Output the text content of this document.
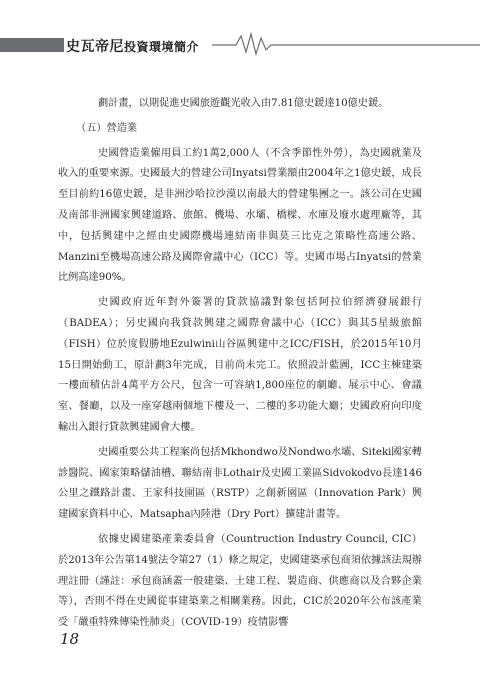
史瓦帝尼投資環境簡介

劃計畫，以期促進史國旅遊觀光收入由7.81億史鍰達10億史鍰。

（五）營造業

史國營造業僱用員工約1萬2,000人（不含季節性外勞），為史國就業及收入的重要來源。史國最大的營建公司Inyatsi營業額由2004年之1億史鍰，成長至目前約16億史鍰，是非洲沙哈拉沙漠以南最大的營建集團之一。該公司在史國及南部非洲國家興建道路、旅館、機場、水壩、橋樑、水庫及廢水處理廠等，其中，包括興建中之經由史國際機場連結南非與莫三比克之策略性高速公路、Manzini至機場高速公路及國際會議中心（ICC）等。史國市場占Inyatsi的營業比例高達90%。

史國政府近年對外簽署的貸款協議對象包括阿拉伯經濟發展銀行（BADEA）；另史國向我貸款興建之國際會議中心（ICC）與其5星級旅館（FISH）位於度假勝地Ezulwini山谷區興建中之ICC/FISH，於2015年10月15日開始動工，原計劃3年完成，目前尚未完工。依照設計藍圖，ICC主棟建築一樓面積佔計4萬平方公尺，包含一可容納1,800座位的劇廳、展示中心、會議室、餐廳，以及一座穿越兩個地下樓及一、二樓的多功能大廳；史國政府向印度輸出入銀行貸款興建國會大樓。

史國重要公共工程案尚包括Mkhondwo及Nondwo水壩、Siteki國家轉診醫院、國家策略儲油槽、聯結南非Lothair及史國工業區Sidvokodvo長達146公里之鐵路計畫、王家科技園區（RSTP）之創新園區（Innovation Park）興建國家資料中心、Matsapha內陸港（Dry Port）擴建計畫等。

依據史國建築產業委員會（Countruction Industry Council, CIC）於2013年公告第14號法令第27（1）條之規定，史國建築承包商須依據該法規辦理註冊（謹註：承包商涵蓋一般建築、土建工程、製造商、供應商以及合夥企業等），否則不得在史國從事建築業之相關業務。因此，CIC於2020年公布該產業受「嚴重特殊傳染性肺炎」（COVID-19）疫情影響

18
